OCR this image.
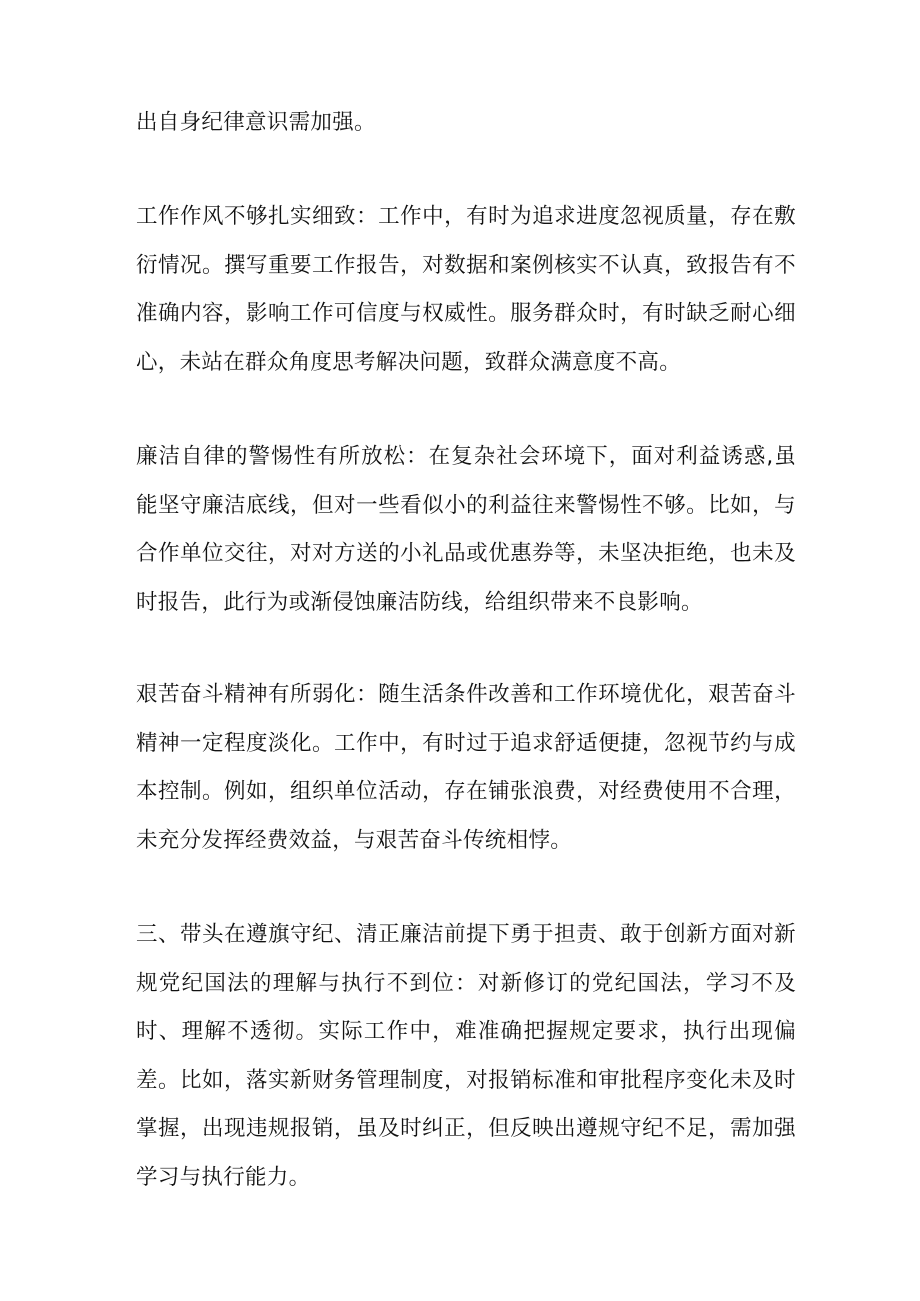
出自身纪律意识需加强。

工作作风不够扎实细致：工作中，有时为追求进度忽视质量，存在敷衍情况。撰写重要工作报告，对数据和案例核实不认真，致报告有不准确内容，影响工作可信度与权威性。服务群众时，有时缺乏耐心细心，未站在群众角度思考解决问题，致群众满意度不高。

廉洁自律的警惕性有所放松：在复杂社会环境下，面对利益诱惑,虽能坚守廉洁底线，但对一些看似小的利益往来警惕性不够。比如，与合作单位交往，对对方送的小礼品或优惠券等，未坚决拒绝，也未及时报告，此行为或渐侵蚀廉洁防线，给组织带来不良影响。

艰苦奋斗精神有所弱化：随生活条件改善和工作环境优化，艰苦奋斗精神一定程度淡化。工作中，有时过于追求舒适便捷，忽视节约与成本控制。例如，组织单位活动，存在铺张浪费，对经费使用不合理，未充分发挥经费效益，与艰苦奋斗传统相悖。

三、带头在遵旗守纪、清正廉洁前提下勇于担责、敢于创新方面对新规党纪国法的理解与执行不到位：对新修订的党纪国法，学习不及时、理解不透彻。实际工作中，难准确把握规定要求，执行出现偏差。比如，落实新财务管理制度，对报销标准和审批程序变化未及时掌握，出现违规报销，虽及时纠正，但反映出遵规守纪不足，需加强学习与执行能力。
